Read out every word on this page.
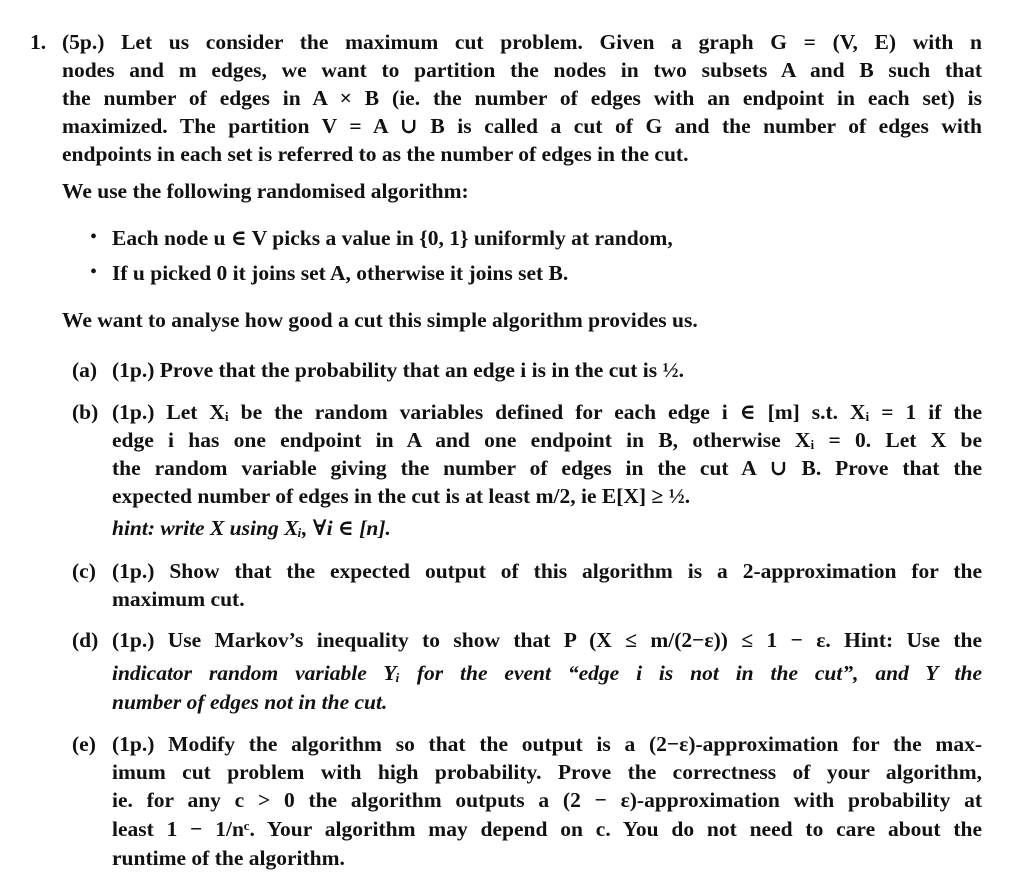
1. (5p.) Let us consider the maximum cut problem. Given a graph G = (V, E) with n
nodes and m edges, we want to partition the nodes in two subsets A and B such that
the number of edges in A × B (ie. the number of edges with an endpoint in each set) is
maximized. The partition V = A ∪ B is called a cut of G and the number of edges with
endpoints in each set is referred to as the number of edges in the cut.
We use the following randomised algorithm:
• Each node u ∈ V picks a value in {0, 1} uniformly at random,
• If u picked 0 it joins set A, otherwise it joins set B.
We want to analyse how good a cut this simple algorithm provides us.
(a) (1p.) Prove that the probability that an edge i is in the cut is ½.
(b) (1p.) Let Xᵢ be the random variables defined for each edge i ∈ [m] s.t. Xᵢ = 1 if the
edge i has one endpoint in A and one endpoint in B, otherwise Xᵢ = 0. Let X be
the random variable giving the number of edges in the cut A ∪ B. Prove that the
expected number of edges in the cut is at least m/2, ie E[X] ≥ ½.
hint: write X using Xᵢ, ∀i ∈ [n].
(c) (1p.) Show that the expected output of this algorithm is a 2-approximation for the
maximum cut.
(d) (1p.) Use Markov’s inequality to show that P (X ≤ m/(2−ε)) ≤ 1 − ε. Hint: Use the
indicator random variable Yᵢ for the event “edge i is not in the cut”, and Y the
number of edges not in the cut.
(e) (1p.) Modify the algorithm so that the output is a (2−ε)-approximation for the max-
imum cut problem with high probability. Prove the correctness of your algorithm,
ie. for any c > 0 the algorithm outputs a (2 − ε)-approximation with probability at
least 1 − 1/nᶜ. Your algorithm may depend on c. You do not need to care about the
runtime of the algorithm.
